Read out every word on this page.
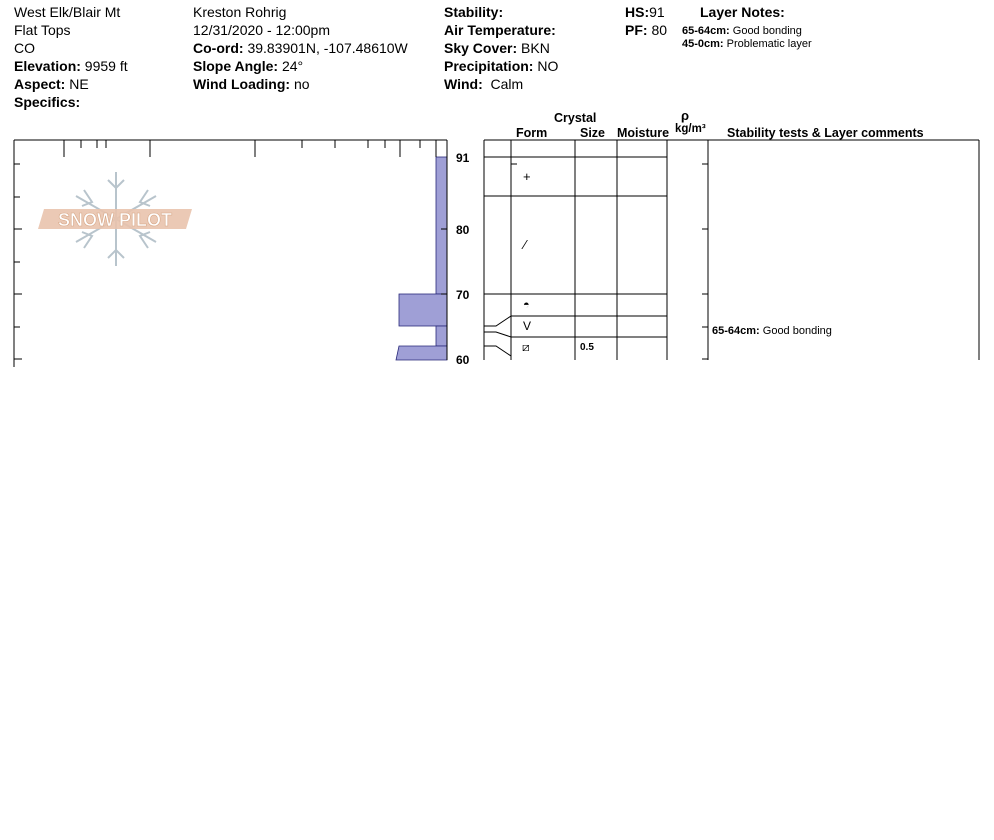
West Elk/Blair Mt
Flat Tops
CO
Elevation: 9959 ft
Aspect: NE
Specifics:
Kreston Rohrig
12/31/2020 - 12:00pm
Co-ord: 39.83901N, -107.48610W
Slope Angle: 24°
Wind Loading: no
Stability:
Air Temperature:
Sky Cover: BKN
Precipitation: NO
Wind: Calm
HS:91
PF: 80
Layer Notes:
65-64cm: Good bonding
45-0cm: Problematic layer
Crystal
Form	Size Moisture
ρ
kg/m³ Stability tests & Layer comments
SNOW PILOT
91
80
70
60
+
⁄
◓
V
⧄	0.5
65-64cm: Good bonding
